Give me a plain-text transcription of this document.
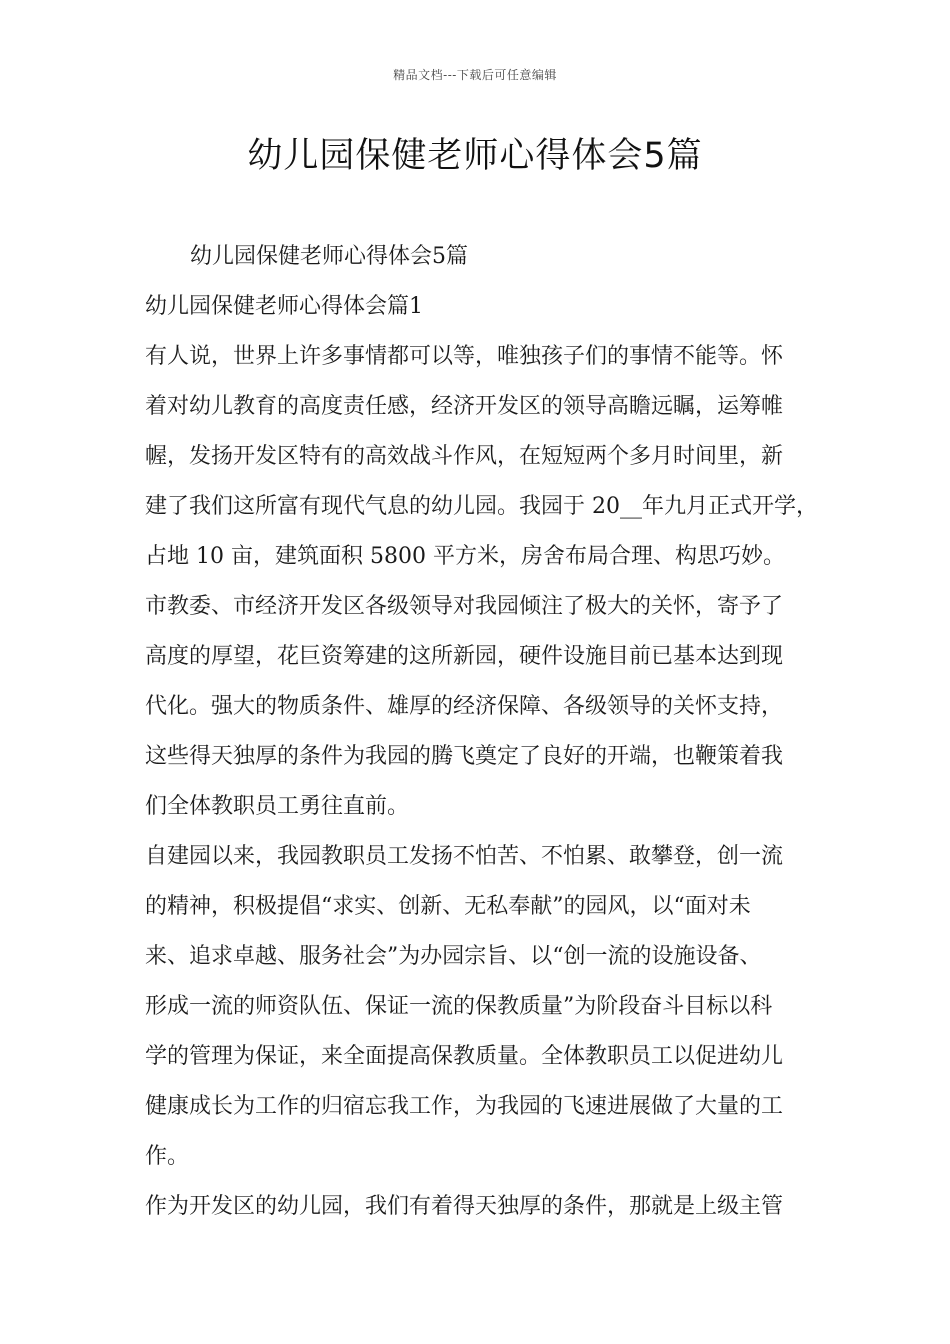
精品文档---下载后可任意编辑
幼儿园保健老师心得体会5篇

幼儿园保健老师心得体会5篇

幼儿园保健老师心得体会篇1

有人说，世界上许多事情都可以等，唯独孩子们的事情不能等。怀
着对幼儿教育的高度责任感，经济开发区的领导高瞻远瞩，运筹帷
幄，发扬开发区特有的高效战斗作风，在短短两个多月时间里，新
建了我们这所富有现代气息的幼儿园。我园于 20__年九月正式开学，
占地 10 亩，建筑面积 5800 平方米，房舍布局合理、构思巧妙。

市教委、市经济开发区各级领导对我园倾注了极大的关怀，寄予了
高度的厚望，花巨资筹建的这所新园，硬件设施目前已基本达到现
代化。强大的物质条件、雄厚的经济保障、各级领导的关怀支持，
这些得天独厚的条件为我园的腾飞奠定了良好的开端，也鞭策着我
们全体教职员工勇往直前。

自建园以来，我园教职员工发扬不怕苦、不怕累、敢攀登，创一流
的精神，积极提倡“求实、创新、无私奉献”的园风，以“面对未
来、追求卓越、服务社会”为办园宗旨、以“创一流的设施设备、
形成一流的师资队伍、保证一流的保教质量”为阶段奋斗目标以科
学的管理为保证，来全面提高保教质量。全体教职员工以促进幼儿
健康成长为工作的归宿忘我工作，为我园的飞速进展做了大量的工
作。

作为开发区的幼儿园，我们有着得天独厚的条件，那就是上级主管
